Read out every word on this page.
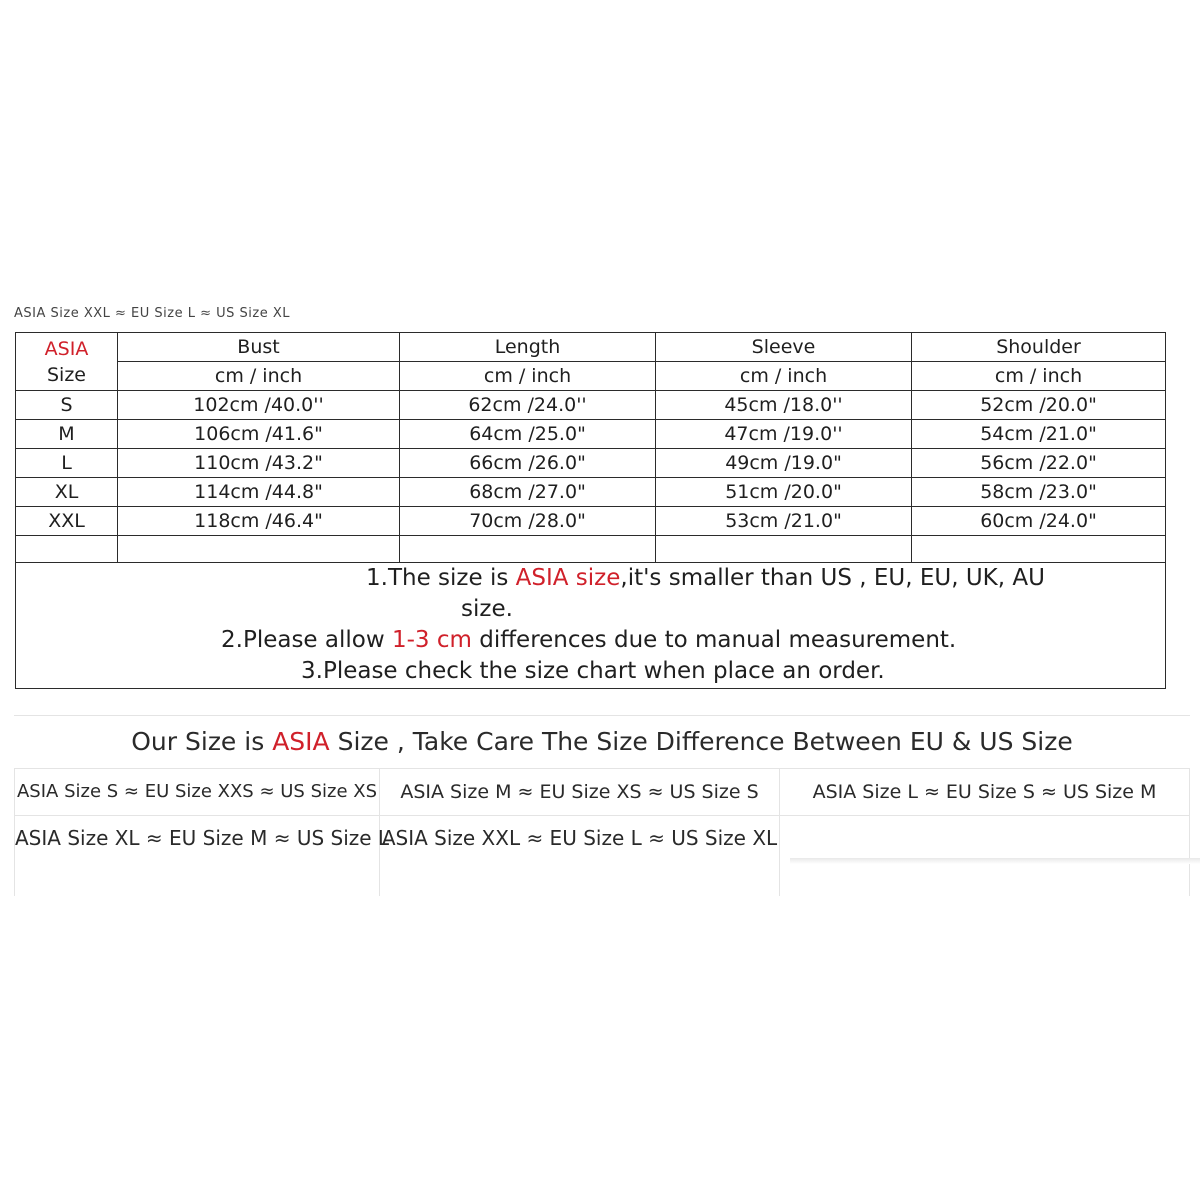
ASIA Size XXL ≈ EU Size L ≈ US Size XL
ASIA
Size	Bust	Length	Sleeve	Shoulder
	cm / inch	cm / inch	cm / inch	cm / inch
S	102cm /40.0''	62cm /24.0''	45cm /18.0''	52cm /20.0"
M	106cm /41.6"	64cm /25.0"	47cm /19.0''	54cm /21.0"
L	110cm /43.2"	66cm /26.0"	49cm /19.0"	56cm /22.0"
XL	114cm /44.8"	68cm /27.0"	51cm /20.0"	58cm /23.0"
XXL	118cm /46.4"	70cm /28.0"	53cm /21.0"	60cm /24.0"

1.The size is ASIA size,it's smaller than US , EU, EU, UK, AU
size.
2.Please allow 1-3 cm differences due to manual measurement.
3.Please check the size chart when place an order.				
Our Size is ASIA Size , Take Care The Size Difference Between EU & US Size
ASIA Size S ≈ EU Size XXS ≈ US Size XS	ASIA Size M ≈ EU Size XS ≈ US Size S	ASIA Size L ≈ EU Size S ≈ US Size M
ASIA Size XL ≈ EU Size M ≈ US Size L
ASIA Size XXL ≈ EU Size L ≈ US Size XL
